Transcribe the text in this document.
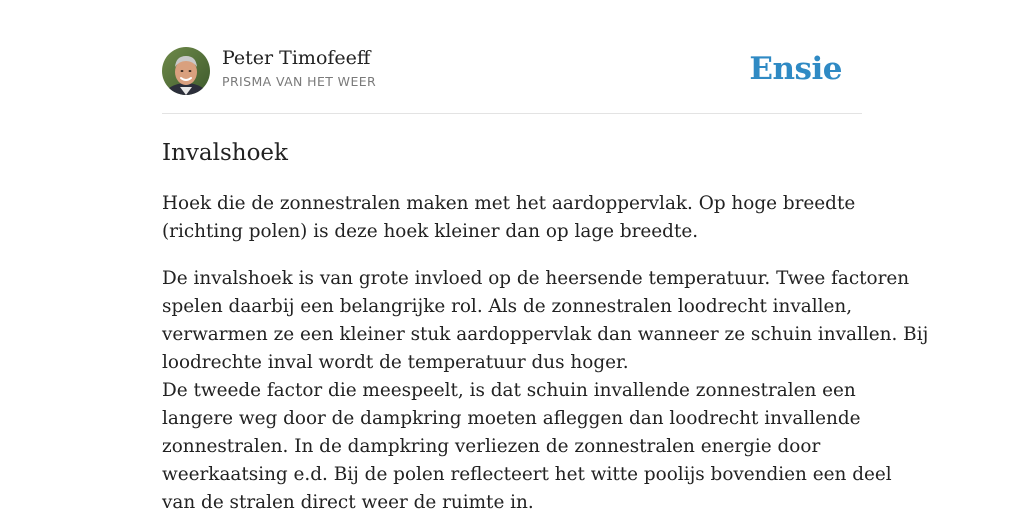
Peter Timofeeff
PRISMA VAN HET WEER	Ensie
Invalshoek

Hoek die de zonnestralen maken met het aardoppervlak. Op hoge breedte
(richting polen) is deze hoek kleiner dan op lage breedte.

De invalshoek is van grote invloed op de heersende temperatuur. Twee factoren
spelen daarbij een belangrijke rol. Als de zonnestralen loodrecht invallen,
verwarmen ze een kleiner stuk aardoppervlak dan wanneer ze schuin invallen. Bij
loodrechte inval wordt de temperatuur dus hoger.

De tweede factor die meespeelt, is dat schuin invallende zonnestralen een
langere weg door de dampkring moeten afleggen dan loodrecht invallende
zonnestralen. In de dampkring verliezen de zonnestralen energie door
weerkaatsing e.d. Bij de polen reflecteert het witte poolijs bovendien een deel
van de stralen direct weer de ruimte in.
